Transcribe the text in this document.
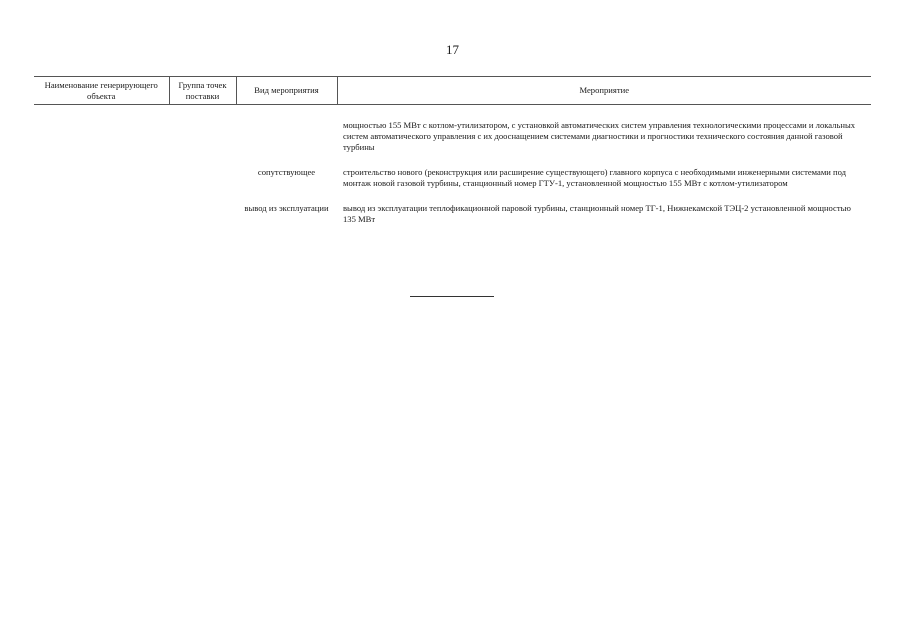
17
Наименование генерирующего объекта	Группа точек поставки	Вид мероприятия	Мероприятие
			мощностью 155 МВт с котлом-утилизатором, с установкой автоматических систем управления технологическими процессами и локальных систем автоматического управления с их дооснащением системами диагностики и прогностики технического состояния данной газовой турбины
		сопутствующее	строительство нового (реконструкция или расширение существующего) главного корпуса с необходимыми инженерными системами под монтаж новой газовой турбины, станционный номер ГТУ-1, установленной мощностью 155 МВт с котлом-утилизатором
		вывод из эксплуатации	вывод из эксплуатации теплофикационной паровой турбины, станционный номер ТГ-1, Нижнекамской ТЭЦ-2 установленной мощностью 135 МВт
